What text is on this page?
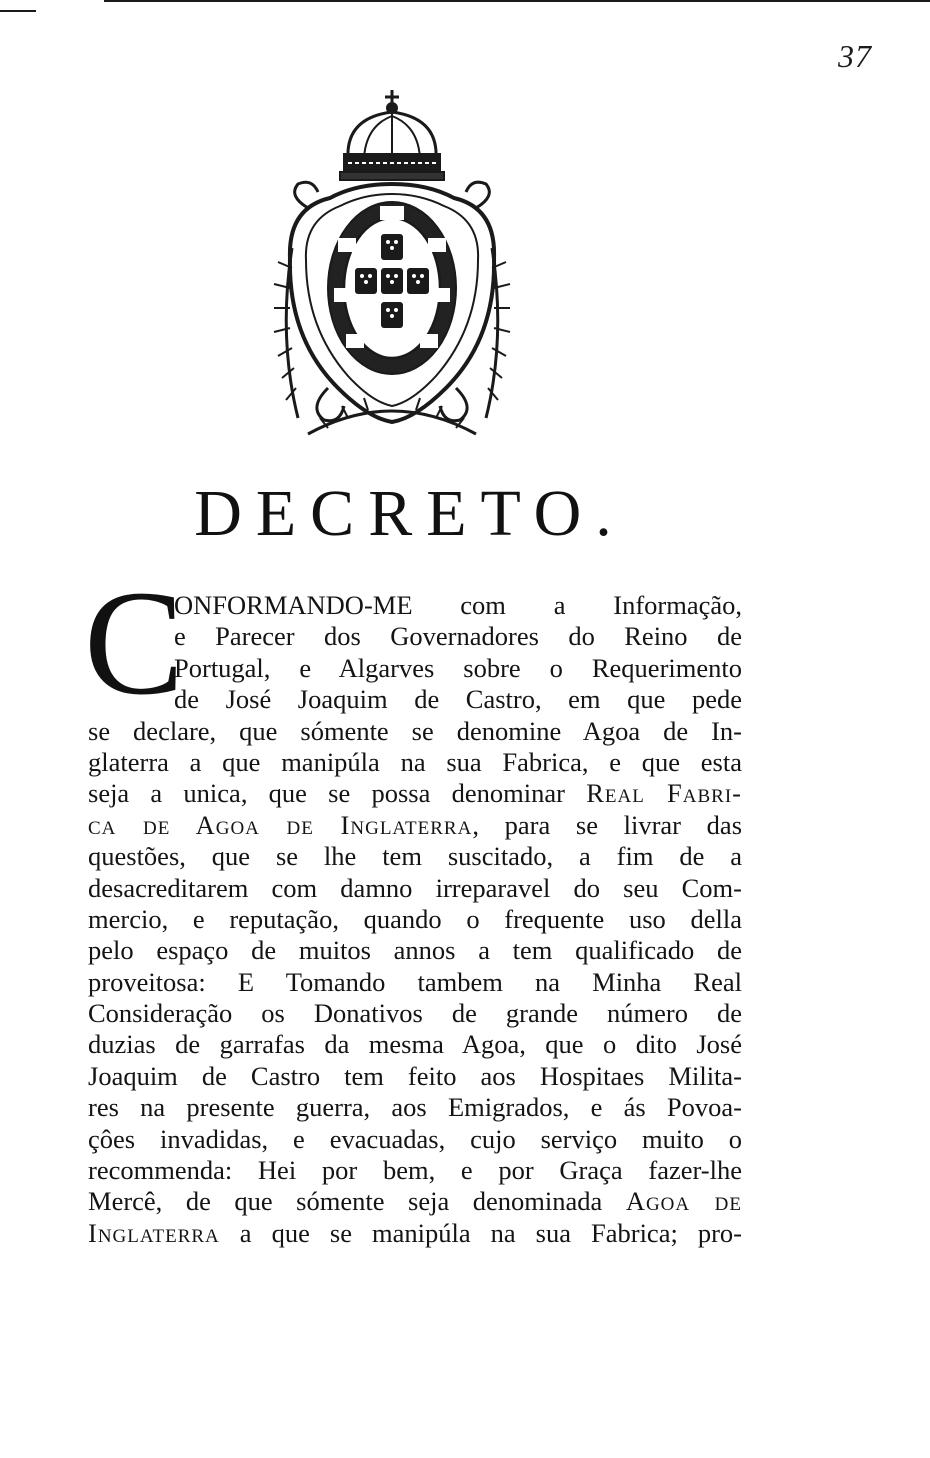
37
DECRETO.
C
ONFORMANDO-ME com a Informação,
e Parecer dos Governadores do Reino de
Portugal, e Algarves sobre o Requerimento
de José Joaquim de Castro, em que pede
se declare, que sómente se denomine Agoa de In-
glaterra a que manipúla na sua Fabrica, e que esta
seja a unica, que se possa denominar Real Fabri-
ca de Agoa de Inglaterra, para se livrar das
questões, que se lhe tem suscitado, a fim de a
desacreditarem com damno irreparavel do seu Com-
mercio, e reputação, quando o frequente uso della
pelo espaço de muitos annos a tem qualificado de
proveitosa: E Tomando tambem na Minha Real
Consideração os Donativos de grande número de
duzias de garrafas da mesma Agoa, que o dito José
Joaquim de Castro tem feito aos Hospitaes Milita-
res na presente guerra, aos Emigrados, e ás Povoa-
çôes invadidas, e evacuadas, cujo serviço muito o
recommenda: Hei por bem, e por Graça fazer-lhe
Mercê, de que sómente seja denominada Agoa de
Inglaterra a que se manipúla na sua Fabrica; pro-
